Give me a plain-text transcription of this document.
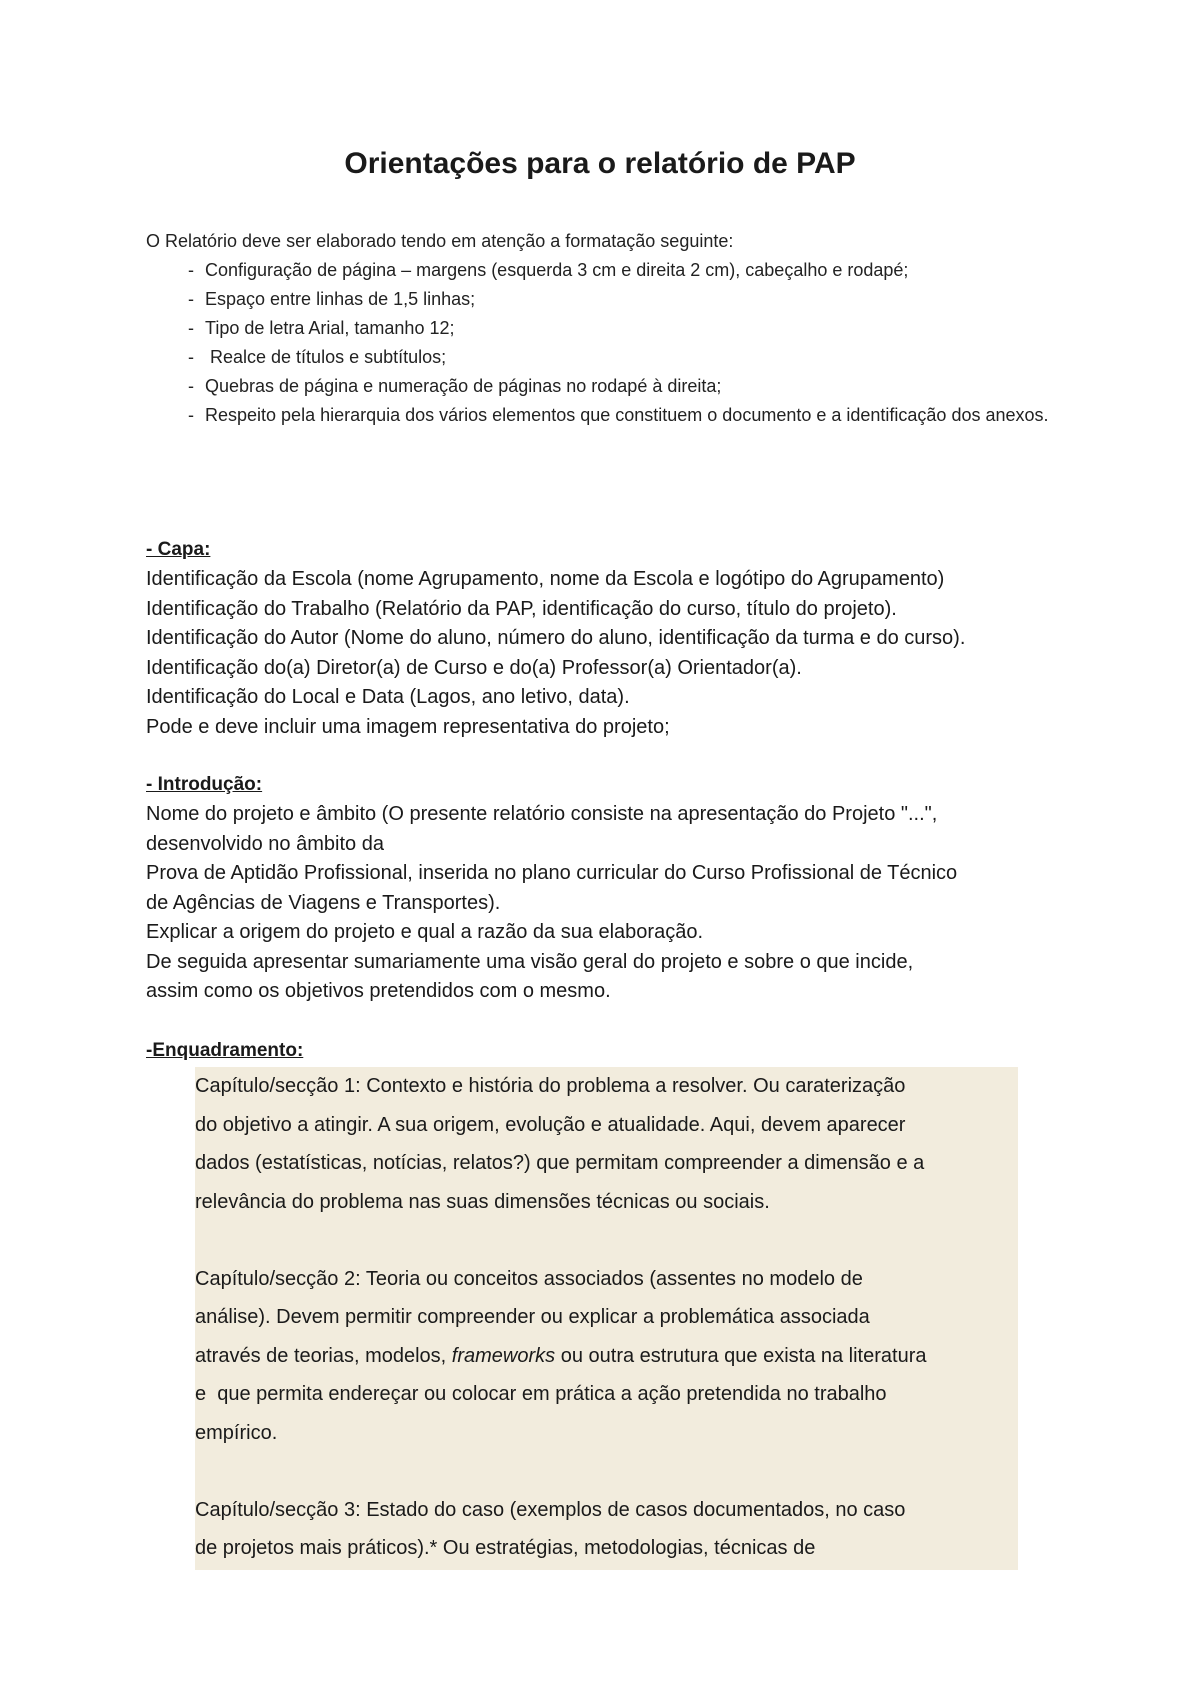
Orientações para o relatório de PAP

O Relatório deve ser elaborado tendo em atenção a formatação seguinte:

- Configuração de página – margens (esquerda 3 cm e direita 2 cm), cabeçalho e rodapé;
- Espaço entre linhas de 1,5 linhas;
- Tipo de letra Arial, tamanho 12;
-  Realce de títulos e subtítulos;
- Quebras de página e numeração de páginas no rodapé à direita;
- Respeito pela hierarquia dos vários elementos que constituem o documento e a identificação dos anexos.

- Capa:

Identificação da Escola (nome Agrupamento, nome da Escola e logótipo do Agrupamento)

Identificação do Trabalho (Relatório da PAP, identificação do curso, título do projeto).

Identificação do Autor (Nome do aluno, número do aluno, identificação da turma e do curso).

Identificação do(a) Diretor(a) de Curso e do(a) Professor(a) Orientador(a).

Identificação do Local e Data (Lagos, ano letivo, data).

Pode e deve incluir uma imagem representativa do projeto;

- Introdução:

Nome do projeto e âmbito (O presente relatório consiste na apresentação do Projeto "...",

desenvolvido no âmbito da

Prova de Aptidão Profissional, inserida no plano curricular do Curso Profissional de Técnico

de Agências de Viagens e Transportes).

Explicar a origem do projeto e qual a razão da sua elaboração.

De seguida apresentar sumariamente uma visão geral do projeto e sobre o que incide,

assim como os objetivos pretendidos com o mesmo.

-Enquadramento:

Capítulo/secção 1: Contexto e história do problema a resolver. Ou caraterização

do objetivo a atingir. A sua origem, evolução e atualidade. Aqui, devem aparecer

dados (estatísticas, notícias, relatos?) que permitam compreender a dimensão e a

relevância do problema nas suas dimensões técnicas ou sociais.

Capítulo/secção 2: Teoria ou conceitos associados (assentes no modelo de

análise). Devem permitir compreender ou explicar a problemática associada

através de teorias, modelos, frameworks ou outra estrutura que exista na literatura

e  que permita endereçar ou colocar em prática a ação pretendida no trabalho

empírico.

Capítulo/secção 3: Estado do caso (exemplos de casos documentados, no caso

de projetos mais práticos).* Ou estratégias, metodologias, técnicas de
